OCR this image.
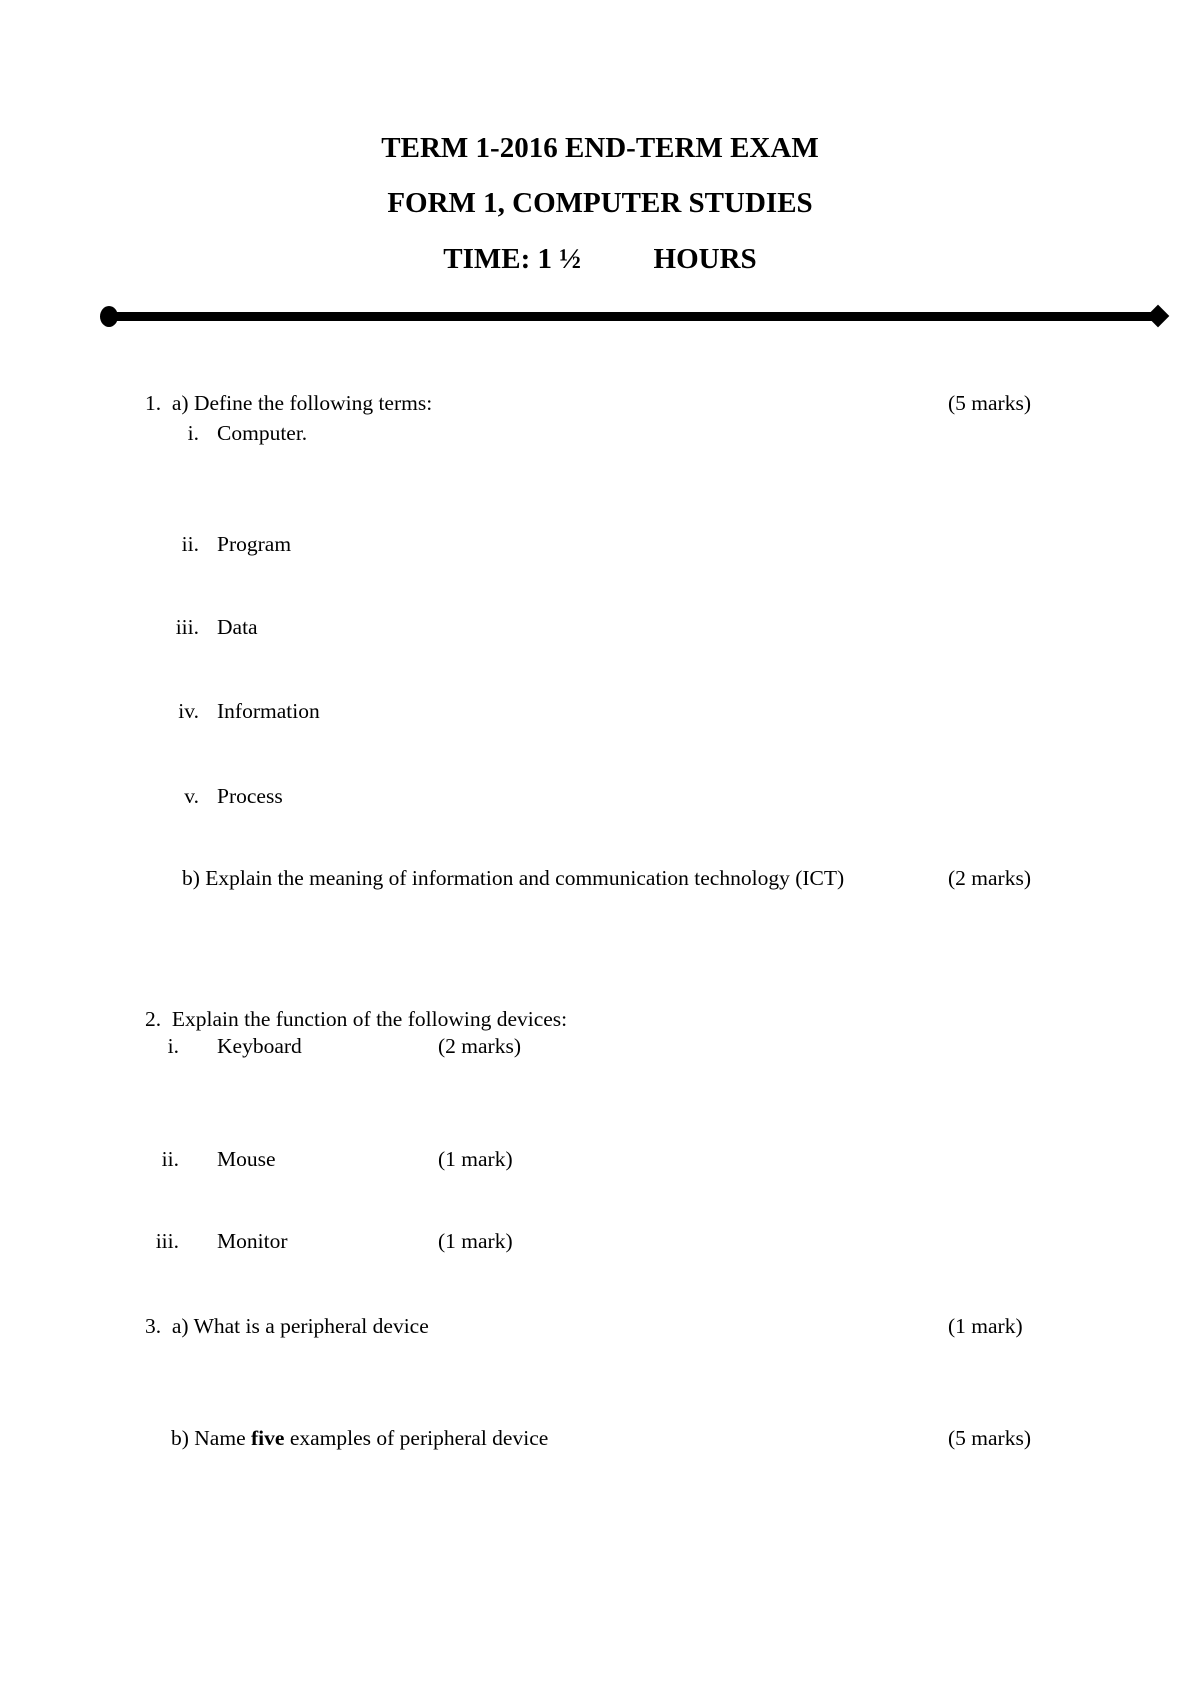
TERM 1-2016 END-TERM EXAM
FORM 1, COMPUTER STUDIES
TIME: 1 ½          HOURS
1.  a) Define the following terms:	(5 marks)
i. Computer.
ii. Program
iii. Data
iv. Information
v. Process
b) Explain the meaning of information and communication technology (ICT)	(2 marks)
2.  Explain the function of the following devices:
i. Keyboard	(2 marks)
ii. Mouse	(1 mark)
iii. Monitor	(1 mark)
3.  a) What is a peripheral device	(1 mark)
b) Name five examples of peripheral device	(5 marks)
